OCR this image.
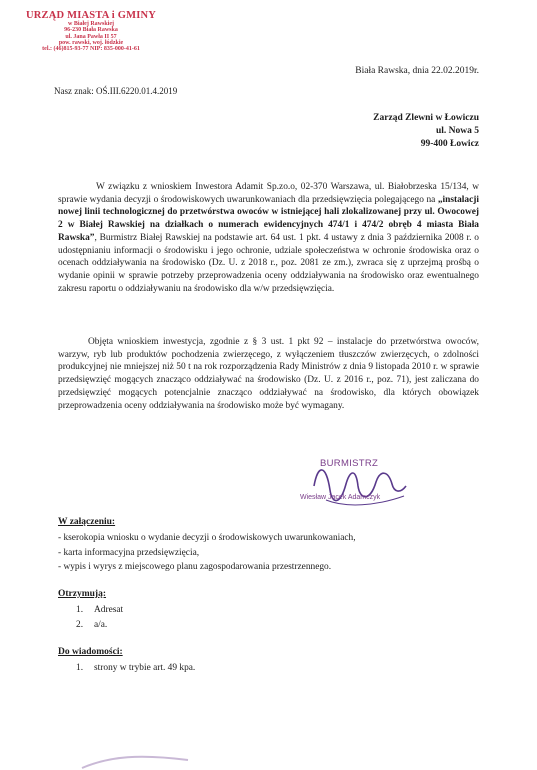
URZĄD MIASTA i GMINY
w Białej Rawskiej
96-230 Biała Rawska
ul. Jana Pawła II 57
pow. rawski, woj. łódzkie
tel.: (46)815-93-77 NIP: 835-000-41-61
Biała Rawska, dnia 22.02.2019r.
Nasz znak: OŚ.III.6220.01.4.2019
Zarząd Zlewni w Łowiczu
ul. Nowa 5
99-400 Łowicz
W związku z wnioskiem Inwestora Adamit Sp.zo.o, 02-370 Warszawa, ul. Białobrzeska 15/134, w sprawie wydania decyzji o środowiskowych uwarunkowaniach dla przedsięwzięcia polegającego na „instalacji nowej linii technologicznej do przetwórstwa owoców w istniejącej hali zlokalizowanej przy ul. Owocowej 2 w Białej Rawskiej na działkach o numerach ewidencyjnych 474/1 i 474/2 obręb 4 miasta Biała Rawska”, Burmistrz Białej Rawskiej na podstawie art. 64 ust. 1 pkt. 4 ustawy z dnia 3 października 2008 r. o udostępnianiu informacji o środowisku i jego ochronie, udziale społeczeństwa w ochronie środowiska oraz o ocenach oddziaływania na środowisko (Dz. U. z 2018 r., poz. 2081 ze zm.), zwraca się z uprzejmą prośbą o wydanie opinii w sprawie potrzeby przeprowadzenia oceny oddziaływania na środowisko oraz ewentualnego zakresu raportu o oddziaływaniu na środowisko dla w/w przedsięwzięcia.
Objęta wnioskiem inwestycja, zgodnie z § 3 ust. 1 pkt 92 – instalacje do przetwórstwa owoców, warzyw, ryb lub produktów pochodzenia zwierzęcego, z wyłączeniem tłuszczów zwierzęcych, o zdolności produkcyjnej nie mniejszej niż 50 t na rok rozporządzenia Rady Ministrów z dnia 9 listopada 2010 r. w sprawie przedsięwzięć mogących znacząco oddziaływać na środowisko (Dz. U. z 2016 r., poz. 71), jest zaliczana do przedsięwzięć mogących potencjalnie znacząco oddziaływać na środowisko, dla których obowiązek przeprowadzenia oceny oddziaływania na środowisko może być wymagany.
BURMISTRZ
Wiesław Jacek Adamczyk
W załączeniu:
- kserokopia wniosku o wydanie decyzji o środowiskowych uwarunkowaniach,
- karta informacyjna przedsięwzięcia,
- wypis i wyrys z miejscowego planu zagospodarowania przestrzennego.
Otrzymują:
1. Adresat
2. a/a.
Do wiadomości:
1. strony w trybie art. 49 kpa.
